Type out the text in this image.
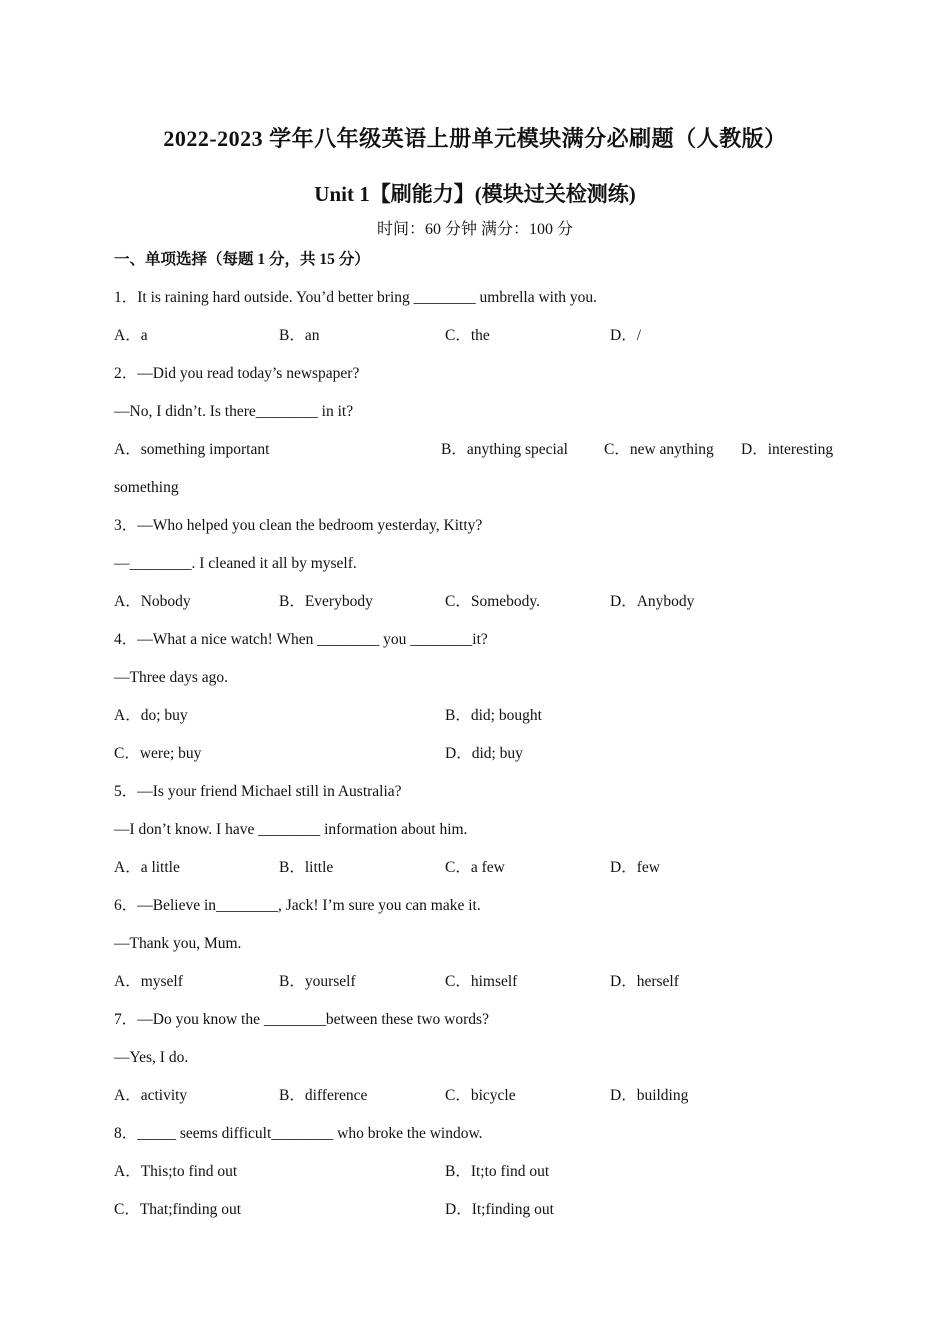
2022-2023 学年八年级英语上册单元模块满分必刷题（人教版）
Unit 1【刷能力】(模块过关检测练)
时间：60 分钟 满分：100 分
一、单项选择（每题 1 分，共 15 分）
1．It is raining hard outside. You’d better bring ________ umbrella with you.
A．a	B．an	C．the	D．/
2．—Did you read today’s newspaper?
—No, I didn’t. Is there________ in it?
A．something important	B．anything special C．new anything D．interesting
something
3．—Who helped you clean the bedroom yesterday, Kitty?
—________. I cleaned it all by myself.
A．Nobody	B．Everybody	C．Somebody.	D．Anybody
4．—What a nice watch! When ________ you ________it?
—Three days ago.
A．do; buy	B．did; bought
C．were; buy	D．did; buy
5．—Is your friend Michael still in Australia?
—I don’t know. I have ________ information about him.
A．a little	B．little	C．a few	D．few
6．—Believe in________, Jack! I’m sure you can make it.
—Thank you, Mum.
A．myself	B．yourself	C．himself	D．herself
7．—Do you know the ________between these two words?
—Yes, I do.
A．activity	B．difference	C．bicycle	D．building
8．_____ seems difficult________ who broke the window.
A．This;to find out	B．It;to find out
C．That;finding out	D．It;finding out
